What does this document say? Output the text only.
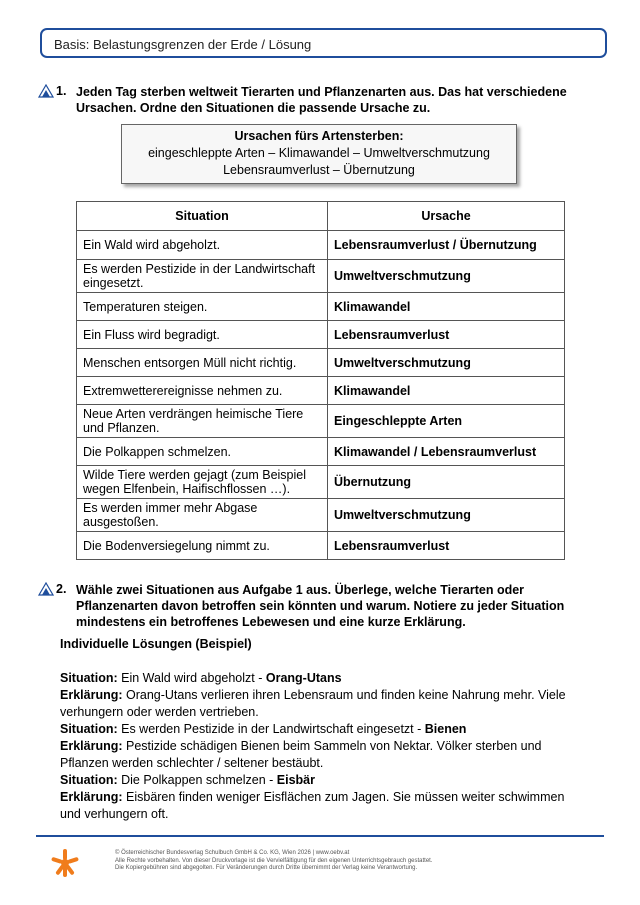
Basis: Belastungsgrenzen der Erde / Lösung
1. Jeden Tag sterben weltweit Tierarten und Pflanzenarten aus. Das hat verschiedene Ursachen. Ordne den Situationen die passende Ursache zu.
Ursachen fürs Artensterben:
eingeschleppte Arten – Klimawandel – Umweltverschmutzung
Lebensraumverlust – Übernutzung
Situation	Ursache
Ein Wald wird abgeholzt.	Lebensraumverlust / Übernutzung
Es werden Pestizide in der Landwirtschaft eingesetzt.	Umweltverschmutzung
Temperaturen steigen.	Klimawandel
Ein Fluss wird begradigt.	Lebensraumverlust
Menschen entsorgen Müll nicht richtig.	Umweltverschmutzung
Extremwetterereignisse nehmen zu.	Klimawandel
Neue Arten verdrängen heimische Tiere und Pflanzen.	Eingeschleppte Arten
Die Polkappen schmelzen.	Klimawandel / Lebensraumverlust
Wilde Tiere werden gejagt (zum Beispiel wegen Elfenbein, Haifischflossen …).	Übernutzung
Es werden immer mehr Abgase ausgestoßen.	Umweltverschmutzung
Die Bodenversiegelung nimmt zu.	Lebensraumverlust
2. Wähle zwei Situationen aus Aufgabe 1 aus. Überlege, welche Tierarten oder Pflanzenarten davon betroffen sein könnten und warum. Notiere zu jeder Situation mindestens ein betroffenes Lebewesen und eine kurze Erklärung.
Individuelle Lösungen (Beispiel)
Situation: Ein Wald wird abgeholzt - Orang-Utans
Erklärung: Orang-Utans verlieren ihren Lebensraum und finden keine Nahrung mehr. Viele verhungern oder werden vertrieben.
Situation: Es werden Pestizide in der Landwirtschaft eingesetzt - Bienen
Erklärung: Pestizide schädigen Bienen beim Sammeln von Nektar. Völker sterben und Pflanzen werden schlechter / seltener bestäubt.
Situation: Die Polkappen schmelzen - Eisbär
Erklärung: Eisbären finden weniger Eisflächen zum Jagen. Sie müssen weiter schwimmen und verhungern oft.
© Österreichischer Bundesverlag Schulbuch GmbH & Co. KG, Wien 2026 | www.oebv.at
Alle Rechte vorbehalten. Von dieser Druckvorlage ist die Vervielfältigung für den eigenen Unterrichtsgebrauch gestattet.
Die Kopiergebühren sind abgegolten. Für Veränderungen durch Dritte übernimmt der Verlag keine Verantwortung.
